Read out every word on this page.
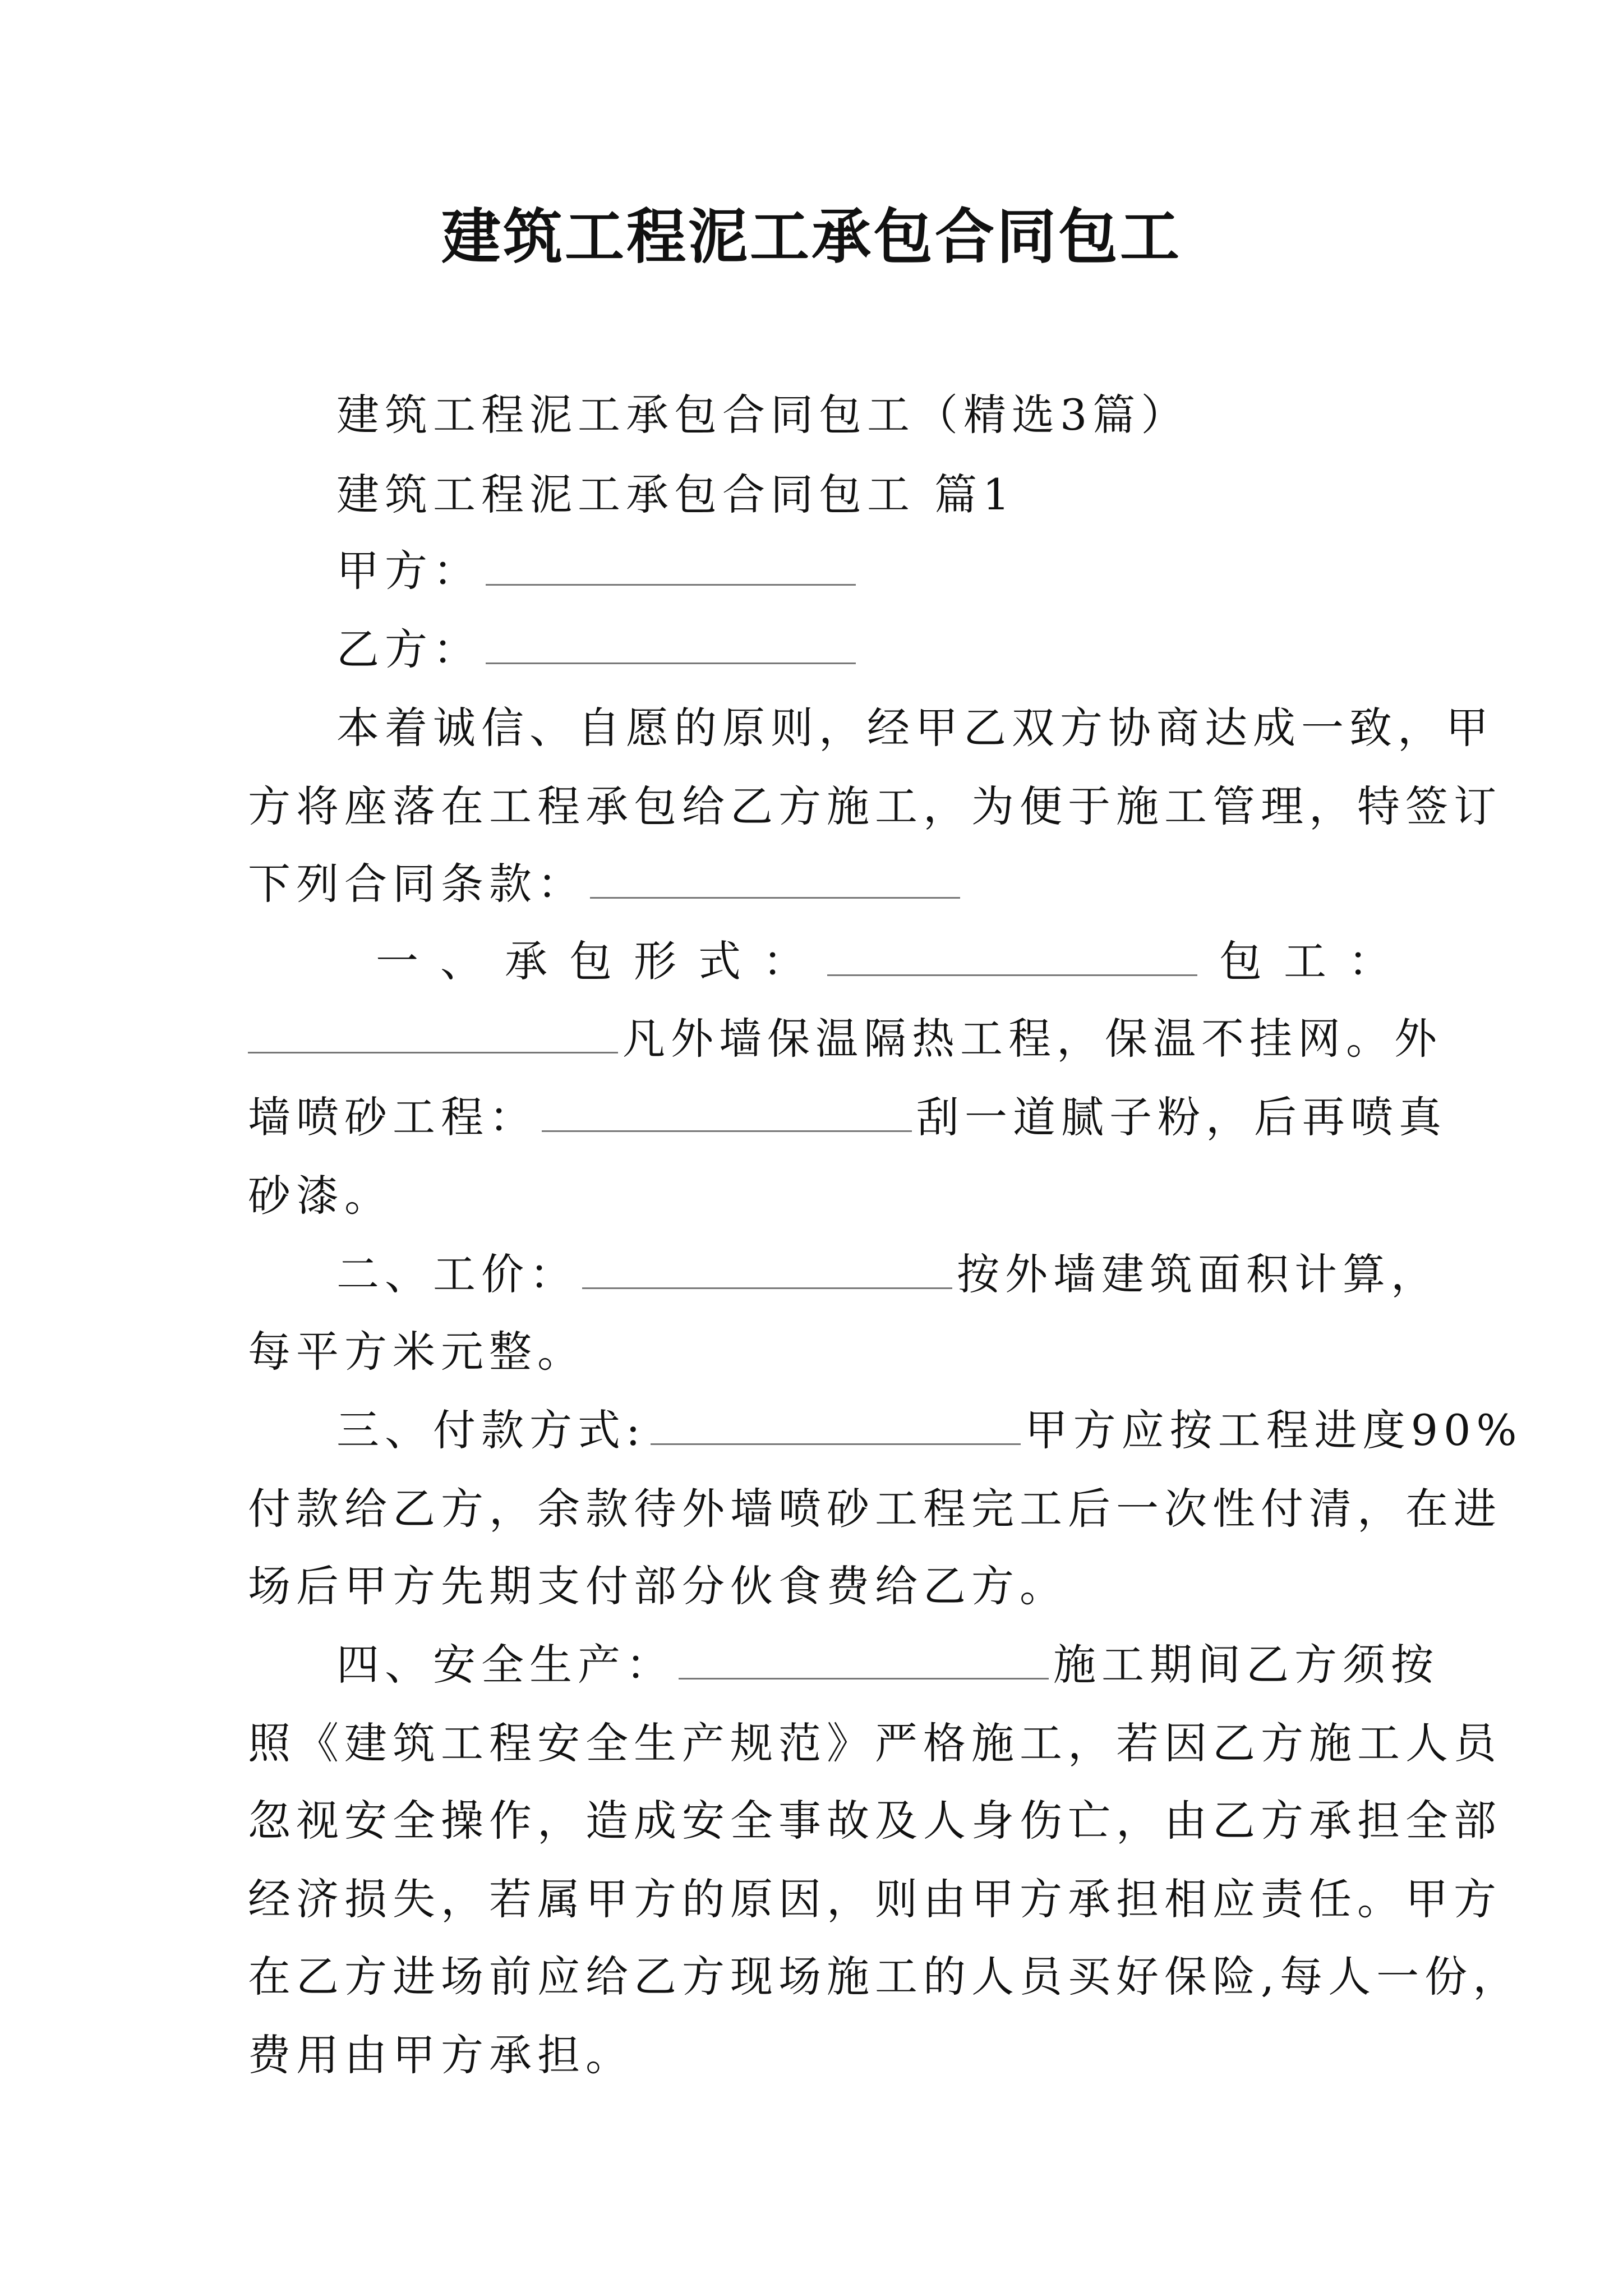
建筑工程泥工承包合同包工
建筑工程泥工承包合同包工（精选3篇）
建筑工程泥工承包合同包工 篇1
甲方：
乙方：
本着诚信、自愿的原则，经甲乙双方协商达成一致，甲
方将座落在工程承包给乙方施工，为便于施工管理，特签订
下列合同条款：
一 、 承 包 形 式 ：	包 工 ：
凡外墙保温隔热工程，保温不挂网。外
墙喷砂工程：	刮一道腻子粉，后再喷真
砂漆。
二、工价：	按外墙建筑面积计算，
每平方米元整。
三、付款方式:	甲方应按工程进度90%
付款给乙方，余款待外墙喷砂工程完工后一次性付清，在进
场后甲方先期支付部分伙食费给乙方。
四、安全生产：	施工期间乙方须按
照《建筑工程安全生产规范》严格施工，若因乙方施工人员
忽视安全操作，造成安全事故及人身伤亡，由乙方承担全部
经济损失，若属甲方的原因，则由甲方承担相应责任。甲方
在乙方进场前应给乙方现场施工的人员买好保险,每人一份，
费用由甲方承担。
